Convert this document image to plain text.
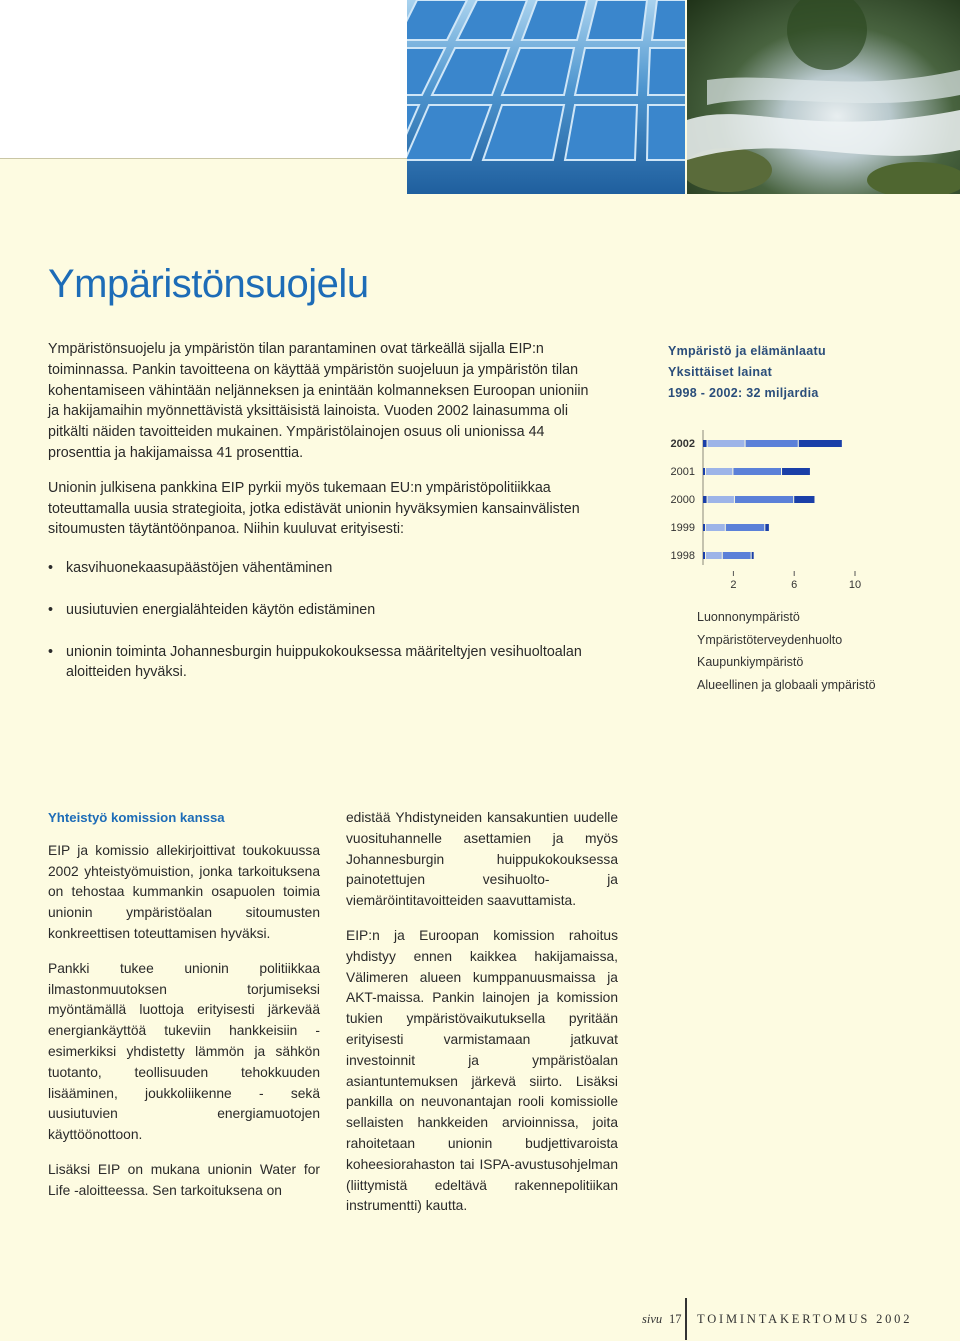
Ympäristönsuojelu

Ympäristönsuojelu ja ympäristön tilan parantaminen ovat tärkeällä sijalla EIP:n toiminnassa. Pankin tavoitteena on käyttää ympäristön suojeluun ja ympäristön tilan kohentamiseen vähintään neljänneksen ja enintään kolmanneksen Euroopan unioniin ja hakijamaihin myönnettävistä yksittäisistä lainoista. Vuoden 2002 lainasumma oli pitkälti näiden tavoitteiden mukainen. Ympäristölainojen osuus oli unionissa 44 prosenttia ja hakijamaissa 41 prosenttia.

Unionin julkisena pankkina EIP pyrkii myös tukemaan EU:n ympäristöpolitiikkaa toteuttamalla uusia strategioita, jotka edistävät unionin hyväksymien kansainvälisten sitoumusten täytäntöönpanoa. Niihin kuuluvat erityisesti:

• kasvihuonekaasupäästöjen vähentäminen
• uusiutuvien energialähteiden käytön edistäminen
• unionin toiminta Johannesburgin huippukokouksessa määriteltyjen vesihuoltoalan aloitteiden hyväksi.
Ympäristö ja elämänlaatu
Yksittäiset lainat
1998 - 2002: 32 miljardia
2002
2001
2000
1999
1998
2	6	10
Luonnonympäristö
Ympäristöterveydenhuolto
Kaupunkiympäristö
Alueellinen ja globaali ympäristö

Yhteistyö komission kanssa

EIP ja komissio allekirjoittivat toukokuussa 2002 yhteistyömuistion, jonka tarkoituksena on tehostaa kummankin osapuolen toimia unionin ympäristöalan sitoumusten konkreettisen toteuttamisen hyväksi.

Pankki tukee unionin politiikkaa ilmastonmuutoksen torjumiseksi myöntämällä luottoja erityisesti järkevää energiankäyttöä tukeviin hankkeisiin - esimerkiksi yhdistetty lämmön ja sähkön tuotanto, teollisuuden tehokkuuden lisääminen, joukkoliikenne - sekä uusiutuvien energiamuotojen käyttöönottoon.

Lisäksi EIP on mukana unionin Water for Life -aloitteessa. Sen tarkoituksena on

edistää Yhdistyneiden kansakuntien uudelle vuosituhannelle asettamien ja myös Johannesburgin huippukokouksessa painotettujen vesihuolto- ja viemäröintitavoitteiden saavuttamista.

EIP:n ja Euroopan komission rahoitus yhdistyy ennen kaikkea hakijamaissa, Välimeren alueen kumppanuusmaissa ja AKT-maissa. Pankin lainojen ja komission tukien ympäristövaikutuksella pyritään erityisesti varmistamaan jatkuvat investoinnit ja ympäristöalan asiantuntemuksen järkevä siirto. Lisäksi pankilla on neuvonantajan rooli komissiolle sellaisten hankkeiden arvioinnissa, joita rahoitetaan unionin budjettivaroista koheesiorahaston tai ISPA-avustusohjelman (liittymistä edeltävä rakennepolitiikan instrumentti) kautta.

sivu 17 TOIMINTAKERTOMUS 2002
